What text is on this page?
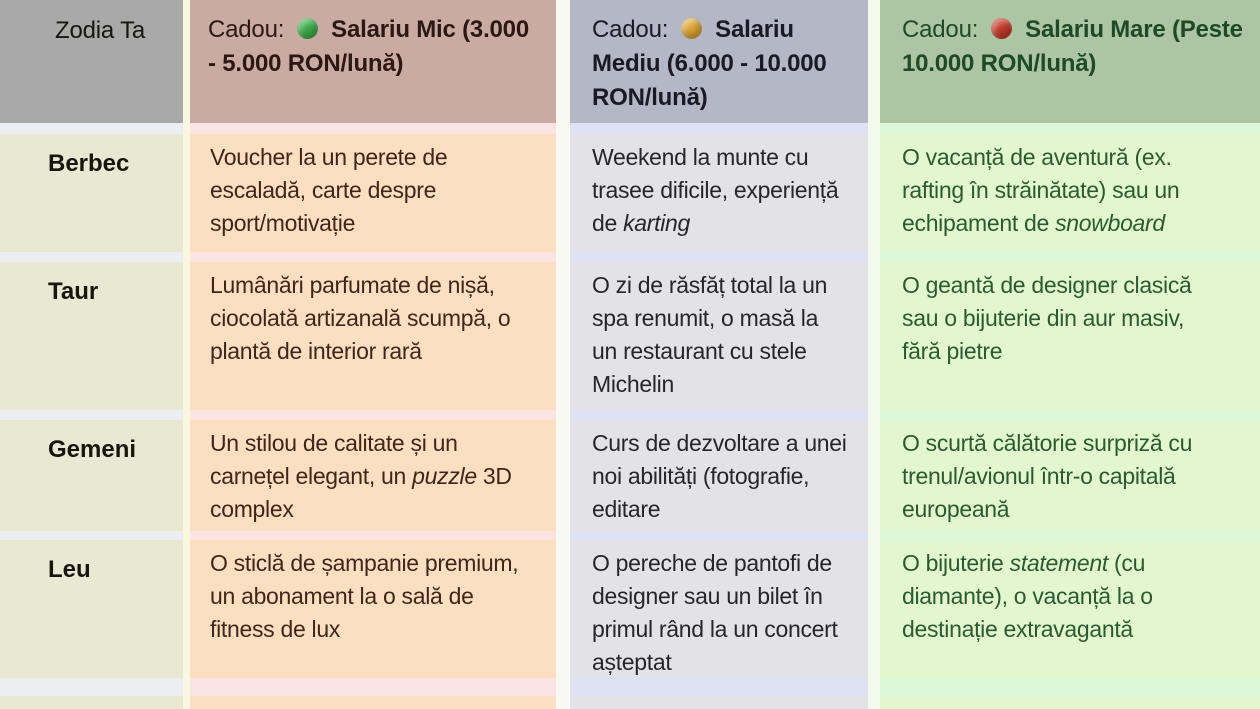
Zodia Ta
Berbec
Taur
Gemeni
Leu
Cadou: Salariu Mic (3.000 - 5.000 RON/lună)
Voucher la un perete de escaladă, carte despre sport/motivație
Lumânări parfumate de nișă, ciocolată artizanală scumpă, o plantă de interior rară
Un stilou de calitate și un carnețel elegant, un puzzle 3D complex
O sticlă de șampanie premium, un abonament la o sală de fitness de lux
Cadou: Salariu Mediu (6.000 - 10.000 RON/lună)
Weekend la munte cu trasee dificile, experiență de karting
O zi de răsfăț total la un spa renumit, o masă la un restaurant cu stele Michelin
Curs de dezvoltare a unei noi abilități (fotografie, editare
O pereche de pantofi de designer sau un bilet în primul rând la un concert așteptat
Cadou: Salariu Mare (Peste 10.000 RON/lună)
O vacanță de aventură (ex. rafting în străinătate) sau un echipament de snowboard
O geantă de designer clasică sau o bijuterie din aur masiv, fără pietre
O scurtă călătorie surpriză cu trenul/avionul într-o capitală europeană
O bijuterie statement (cu diamante), o vacanță la o destinație extravagantă
